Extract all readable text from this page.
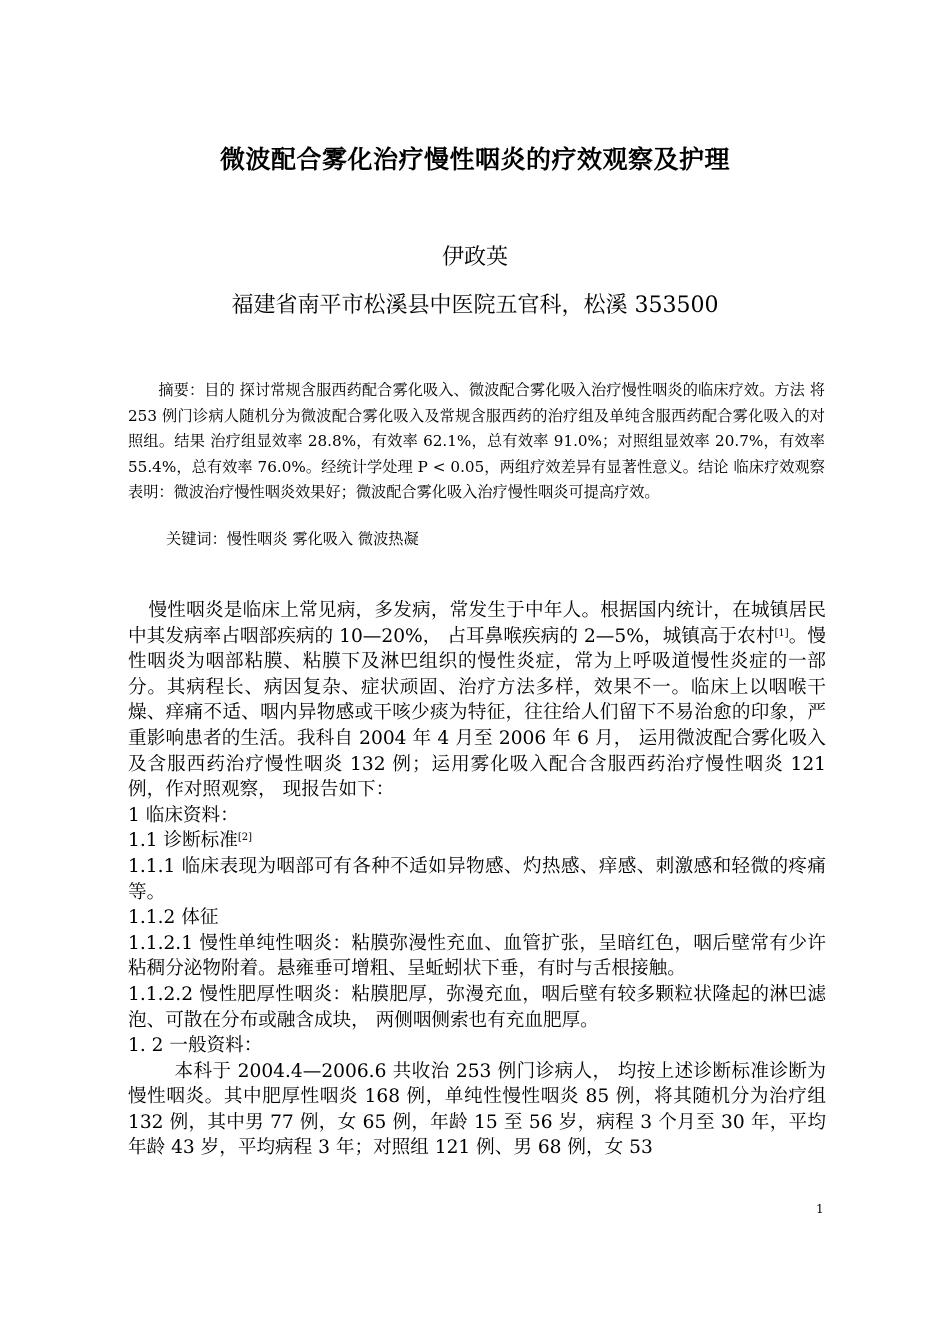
微波配合雾化治疗慢性咽炎的疗效观察及护理
伊政英
福建省南平市松溪县中医院五官科，松溪 353500
摘要：目的 探讨常规含服西药配合雾化吸入、微波配合雾化吸入治疗慢性咽炎的临床疗效。方法 将 253 例门诊病人随机分为微波配合雾化吸入及常规含服西药的治疗组及单纯含服西药配合雾化吸入的对照组。结果 治疗组显效率 28.8%，有效率 62.1%，总有效率 91.0%；对照组显效率 20.7%，有效率 55.4%，总有效率 76.0%。经统计学处理 P < 0.05，两组疗效差异有显著性意义。结论 临床疗效观察表明：微波治疗慢性咽炎效果好；微波配合雾化吸入治疗慢性咽炎可提高疗效。
关键词：慢性咽炎 雾化吸入 微波热凝

慢性咽炎是临床上常见病，多发病，常发生于中年人。根据国内统计，在城镇居民中其发病率占咽部疾病的 10—20%， 占耳鼻喉疾病的 2—5%，城镇高于农村[1]。慢性咽炎为咽部粘膜、粘膜下及淋巴组织的慢性炎症，常为上呼吸道慢性炎症的一部分。其病程长、病因复杂、症状顽固、治疗方法多样，效果不一。临床上以咽喉干燥、痒痛不适、咽内异物感或干咳少痰为特征，往往给人们留下不易治愈的印象，严重影响患者的生活。我科自 2004 年 4 月至 2006 年 6 月， 运用微波配合雾化吸入及含服西药治疗慢性咽炎 132 例；运用雾化吸入配合含服西药治疗慢性咽炎 121 例，作对照观察， 现报告如下：

1 临床资料：

1.1 诊断标准[2]

1.1.1 临床表现为咽部可有各种不适如异物感、灼热感、痒感、刺激感和轻微的疼痛等。

1.1.2 体征

1.1.2.1 慢性单纯性咽炎：粘膜弥漫性充血、血管扩张，呈暗红色，咽后壁常有少许粘稠分泌物附着。悬雍垂可增粗、呈蚯蚓状下垂，有时与舌根接触。

1.1.2.2 慢性肥厚性咽炎：粘膜肥厚，弥漫充血，咽后壁有较多颗粒状隆起的淋巴滤泡、可散在分布或融含成块， 两侧咽侧索也有充血肥厚。

1. 2 一般资料：

本科于 2004.4—2006.6 共收治 253 例门诊病人， 均按上述诊断标准诊断为慢性咽炎。其中肥厚性咽炎 168 例，单纯性慢性咽炎 85 例，将其随机分为治疗组 132 例，其中男 77 例，女 65 例，年龄 15 至 56 岁，病程 3 个月至 30 年，平均年龄 43 岁，平均病程 3 年；对照组 121 例、男 68 例，女 53

1
